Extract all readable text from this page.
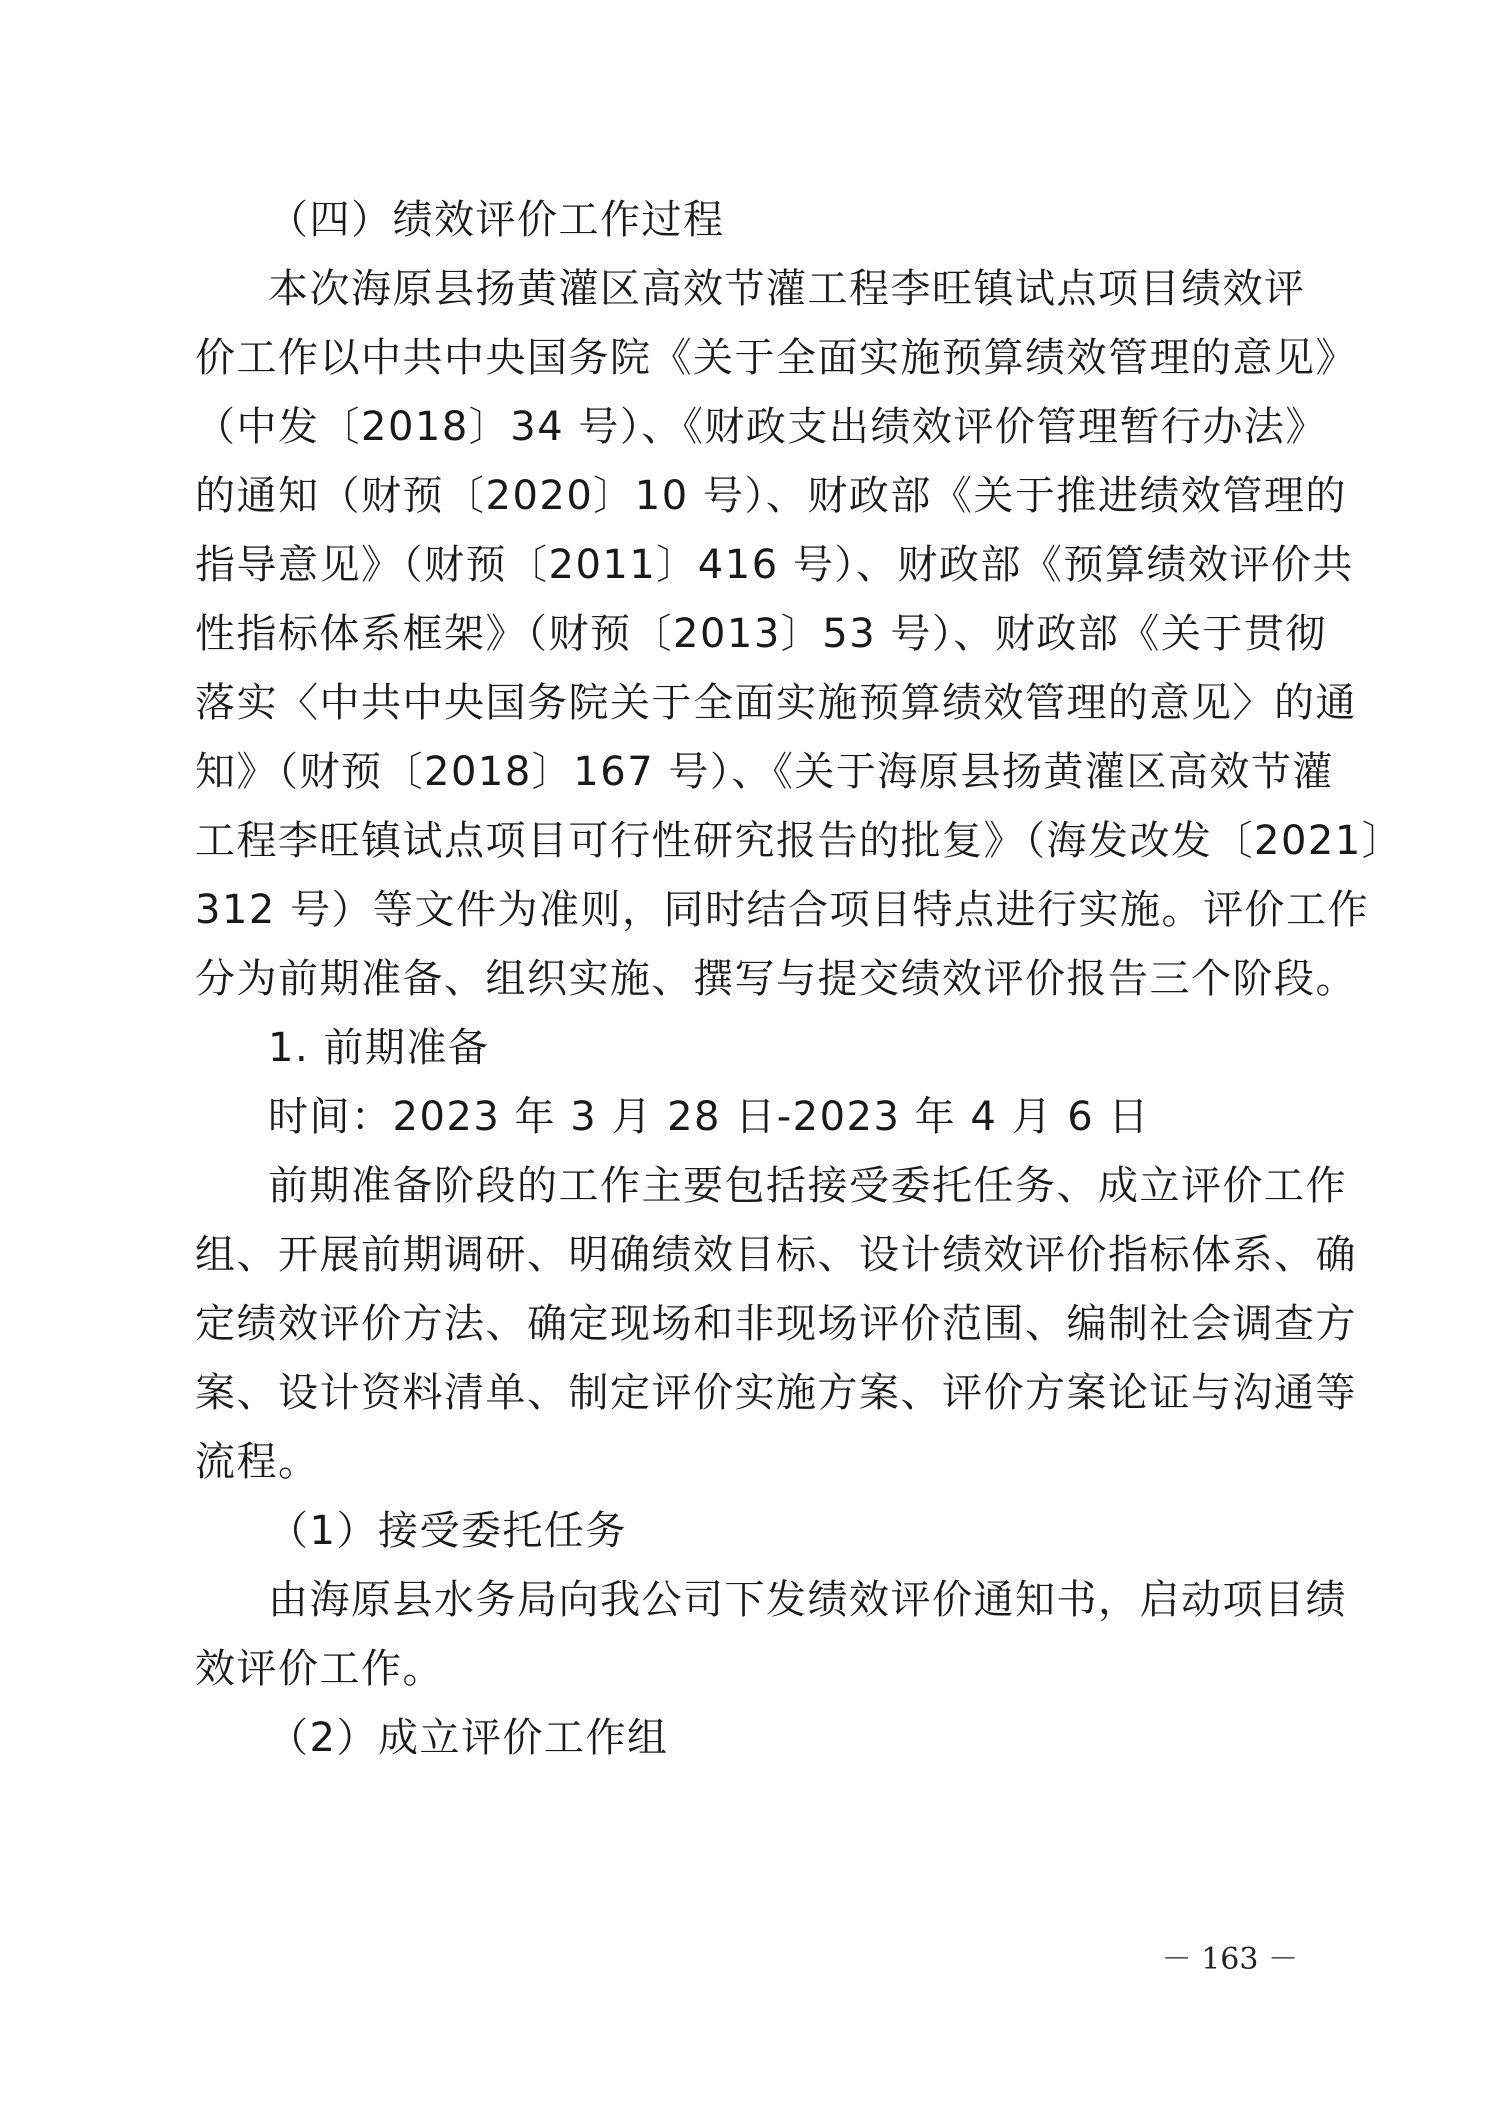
（四）绩效评价工作过程
本次海原县扬黄灌区高效节灌工程李旺镇试点项目绩效评
价工作以中共中央国务院《关于全面实施预算绩效管理的意见》
（中发〔2018〕34 号）、《财政支出绩效评价管理暂行办法》
的通知（财预〔2020〕10 号）、财政部《关于推进绩效管理的
指导意见》（财预〔2011〕416 号）、财政部《预算绩效评价共
性指标体系框架》（财预〔2013〕53 号）、财政部《关于贯彻
落实〈中共中央国务院关于全面实施预算绩效管理的意见〉的通
知》（财预〔2018〕167 号）、《关于海原县扬黄灌区高效节灌
工程李旺镇试点项目可行性研究报告的批复》（海发改发〔2021〕
312 号）等文件为准则，同时结合项目特点进行实施。评价工作
分为前期准备、组织实施、撰写与提交绩效评价报告三个阶段。
1. 前期准备
时间：2023 年 3 月 28 日-2023 年 4 月 6 日
前期准备阶段的工作主要包括接受委托任务、成立评价工作
组、开展前期调研、明确绩效目标、设计绩效评价指标体系、确
定绩效评价方法、确定现场和非现场评价范围、编制社会调查方
案、设计资料清单、制定评价实施方案、评价方案论证与沟通等
流程。
（1）接受委托任务
由海原县水务局向我公司下发绩效评价通知书，启动项目绩
效评价工作。
（2）成立评价工作组
－ 163 －
